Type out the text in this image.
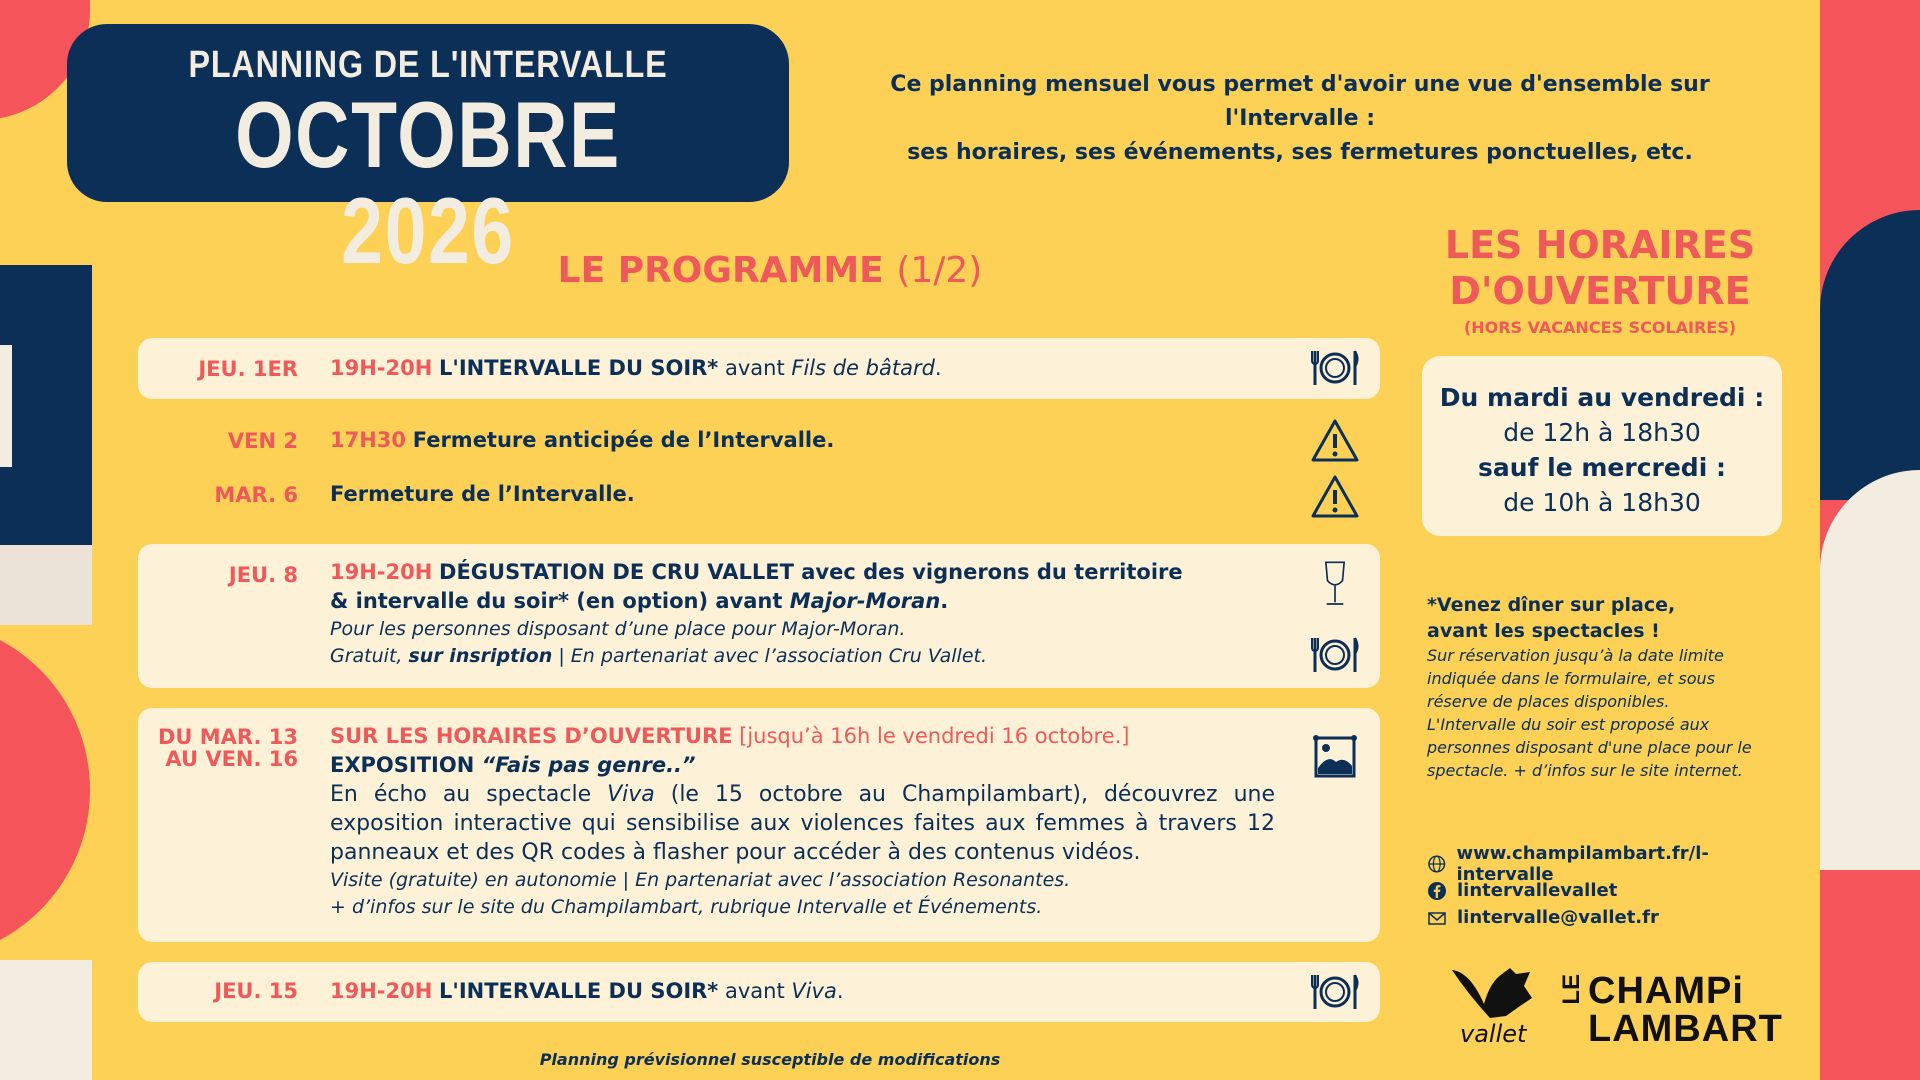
PLANNING DE L'INTERVALLE
OCTOBRE 2026
Ce planning mensuel vous permet d'avoir une vue d'ensemble sur l'Intervalle :
ses horaires, ses événements, ses fermetures ponctuelles, etc.
LE PROGRAMME (1/2)
JEU. 1ER 19H-20H L'INTERVALLE DU SOIR* avant Fils de bâtard.
VEN 2 17H30 Fermeture anticipée de l’Intervalle.
MAR. 6 Fermeture de l’Intervalle.
JEU. 8 19H-20H DÉGUSTATION DE CRU VALLET avec des vignerons du territoire
& intervalle du soir* (en option) avant Major-Moran.
Pour les personnes disposant d’une place pour Major-Moran.
Gratuit, sur insription | En partenariat avec l’association Cru Vallet.
DU MAR. 13
AU VEN. 16
SUR LES HORAIRES D’OUVERTURE [jusqu’à 16h le vendredi 16 octobre.]
EXPOSITION “Fais pas genre..”
En écho au spectacle Viva (le 15 octobre au Champilambart), découvrez une exposition interactive qui sensibilise aux violences faites aux femmes à travers 12 panneaux et des QR codes à flasher pour accéder à des contenus vidéos.
Visite (gratuite) en autonomie | En partenariat avec l’association Resonantes.
+ d’infos sur le site du Champilambart, rubrique Intervalle et Événements.
JEU. 15 19H-20H L'INTERVALLE DU SOIR* avant Viva.
LES HORAIRES
D'OUVERTURE
(HORS VACANCES SCOLAIRES)
Du mardi au vendredi :
de 12h à 18h30
sauf le mercredi :
de 10h à 18h30
*Venez dîner sur place,
avant les spectacles !
Sur réservation jusqu’à la date limite
indiquée dans le formulaire, et sous
réserve de places disponibles.
L'Intervalle du soir est proposé aux
personnes disposant d'une place pour le
spectacle. + d’infos sur le site internet.
www.champilambart.fr/l-intervalle
lintervallevallet
lintervalle@vallet.fr
vallet
LE CHAMPi
LAMBART
Planning prévisionnel susceptible de modifications
